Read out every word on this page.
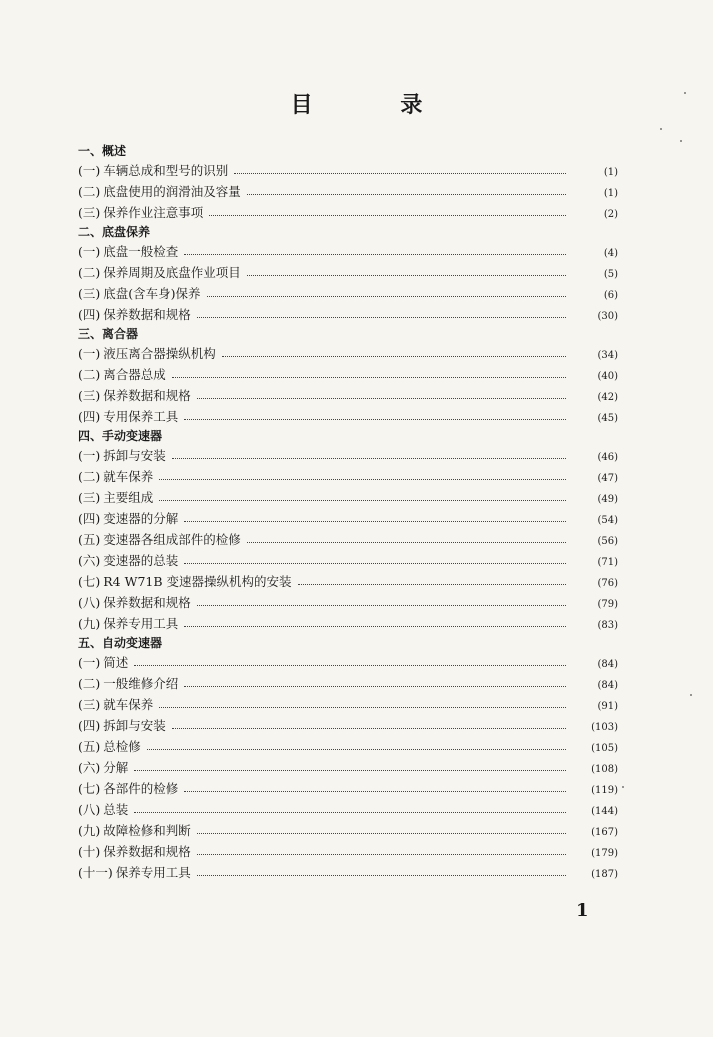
目 录
一、概述
(一) 车辆总成和型号的识别	(1)
(二) 底盘使用的润滑油及容量	(1)
(三) 保养作业注意事项	(2)
二、底盘保养
(一) 底盘一般检查	(4)
(二) 保养周期及底盘作业项目	(5)
(三) 底盘(含车身)保养	(6)
(四) 保养数据和规格	(30)
三、离合器
(一) 液压离合器操纵机构	(34)
(二) 离合器总成	(40)
(三) 保养数据和规格	(42)
(四) 专用保养工具	(45)
四、手动变速器
(一) 拆卸与安装	(46)
(二) 就车保养	(47)
(三) 主要组成	(49)
(四) 变速器的分解	(54)
(五) 变速器各组成部件的检修	(56)
(六) 变速器的总装	(71)
(七) R4 W71B 变速器操纵机构的安装	(76)
(八) 保养数据和规格	(79)
(九) 保养专用工具	(83)
五、自动变速器
(一) 简述	(84)
(二) 一般维修介绍	(84)
(三) 就车保养	(91)
(四) 拆卸与安装	(103)
(五) 总检修	(105)
(六) 分解	(108)
(七) 各部件的检修	(119)
(八) 总装	(144)
(九) 故障检修和判断	(167)
(十) 保养数据和规格	(179)
(十一) 保养专用工具	(187)
1
